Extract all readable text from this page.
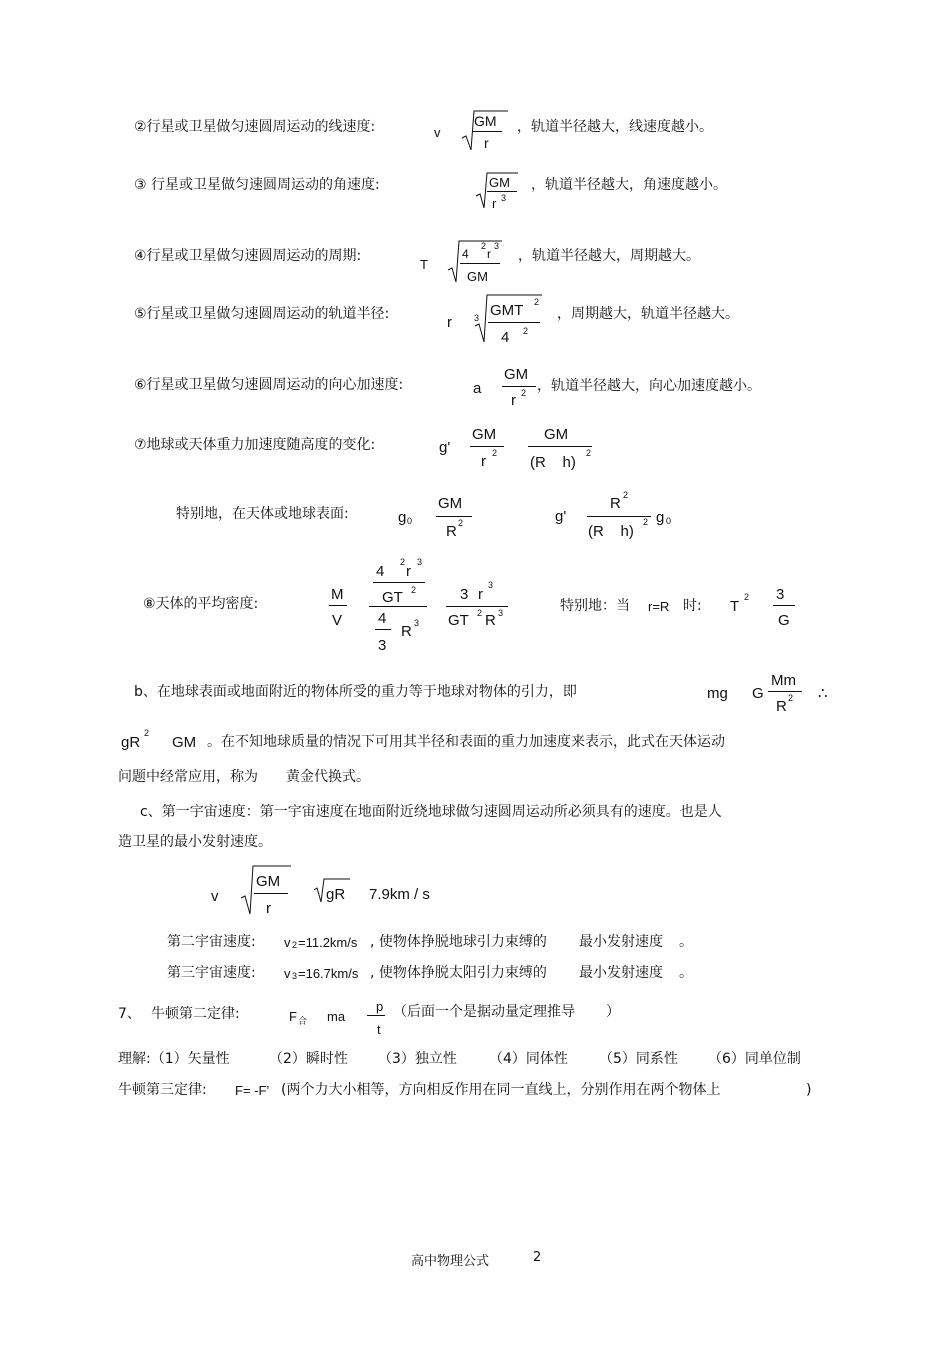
②行星或卫星做匀速圆周运动的线速度:	v
GM
r
，轨道半径越大，线速度越小。
③ 行星或卫星做匀速圆周运动的角速度:	GM
r 3
，轨道半径越大，角速度越小。
④行星或卫星做匀速圆周运动的周期:
T
4
2
r
3
GM
，轨道半径越大，周期越大。
⑤行星或卫星做匀速圆周运动的轨道半径:	r 3 GMT 2
4 2
，周期越大，轨道半径越大。
⑥行星或卫星做匀速圆周运动的向心加速度:	a
GM
r 2 ，轨道半径越大，向心加速度越小。
⑦地球或天体重力加速度随高度的变化:	g'
GM
r 2
GM
(R    h)
2
特别地，在天体或地球表面:	g 0
GM
R 2	g'
R 2
(R    h)
2 g 0
⑧天体的平均密度:
M
V
4
2
r
3
GT 2
4
3
R 3
3 r
3
GT 2 R 3	特别地：当 r=R 时: T
2 3
G
b、在地球表面或地面附近的物体所受的重力等于地球对物体的引力，即	mg G
Mm
R 2 ∴
gR
2
GM 。在不知地球质量的情况下可用其半径和表面的重力加速度来表示，此式在天体运动
问题中经常应用，称为 黄金代换式。
c、第一宇宙速度：第一宇宙速度在地面附近绕地球做匀速圆周运动所必须具有的速度。也是人
造卫星的最小发射速度。
v
GM
r
gR 7.9km / s
第二宇宙速度: v 2 =11.2km/s , 使物体挣脱地球引力束缚的 最小发射速度 。
第三宇宙速度: v 3 =16.7km/s , 使物体挣脱太阳引力束缚的 最小发射速度 。
7、 牛顿第二定律:	F 合 ma
p
t
（后面一个是据动量定理推导 ）
理解:（1）矢量性	（2）瞬时性 （3）独立性 （4）同体性 （5）同系性 （6）同单位制
牛顿第三定律: F= -F’ (两个力大小相等，方向相反作用在同一直线上，分别作用在两个物体上	)
高中物理公式	2
